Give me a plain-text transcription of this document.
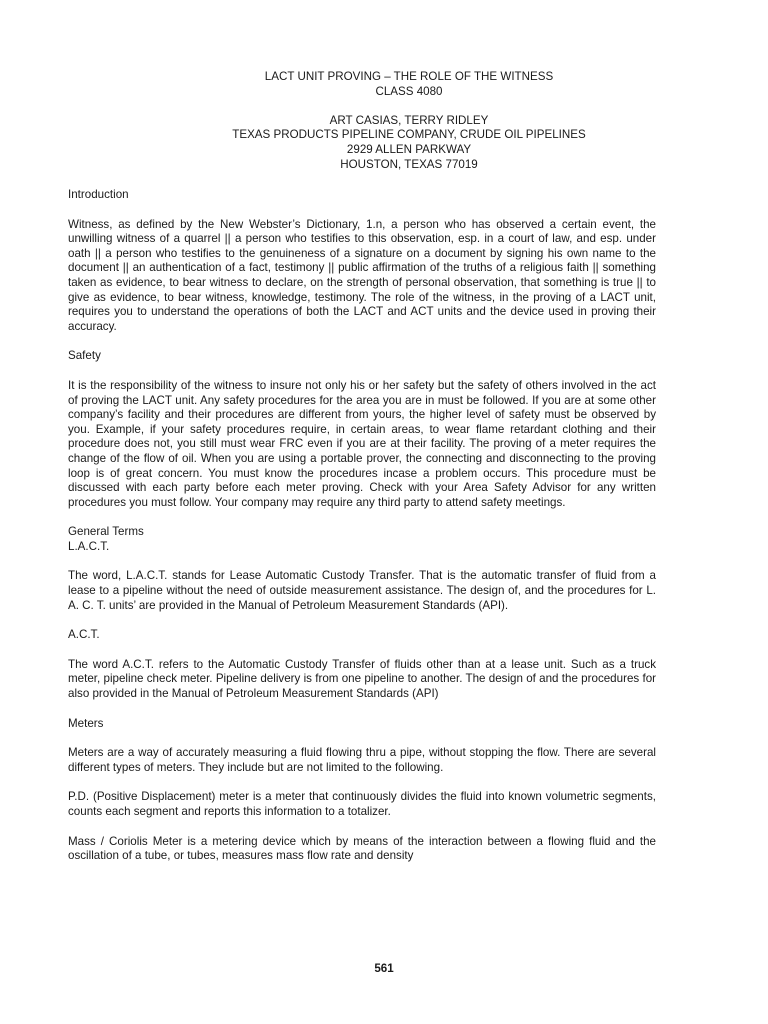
LACT UNIT PROVING – THE ROLE OF THE WITNESS
CLASS 4080
ART CASIAS, TERRY RIDLEY
TEXAS PRODUCTS PIPELINE COMPANY, CRUDE OIL PIPELINES
2929 ALLEN PARKWAY
HOUSTON, TEXAS 77019
Introduction

Witness, as defined by the New Webster’s Dictionary, 1.n, a person who has observed a certain event, the unwilling witness of a quarrel || a person who testifies to this observation, esp. in a court of law, and esp. under oath || a person who testifies to the genuineness of a signature on a document by signing his own name to the document || an authentication of a fact, testimony || public affirmation of the truths of a religious faith || something taken as evidence, to bear witness to declare, on the strength of personal observation, that something is true || to give as evidence, to bear witness, knowledge, testimony. The role of the witness, in the proving of a LACT unit, requires you to understand the operations of both the LACT and ACT units and the device used in proving their accuracy.

Safety

It is the responsibility of the witness to insure not only his or her safety but the safety of others involved in the act of proving the LACT unit. Any safety procedures for the area you are in must be followed. If you are at some other company’s facility and their procedures are different from yours, the higher level of safety must be observed by you. Example, if your safety procedures require, in certain areas, to wear flame retardant clothing and their procedure does not, you still must wear FRC even if you are at their facility. The proving of a meter requires the change of the flow of oil. When you are using a portable prover, the connecting and disconnecting to the proving loop is of great concern. You must know the procedures incase a problem occurs. This procedure must be discussed with each party before each meter proving. Check with your Area Safety Advisor for any written procedures you must follow. Your company may require any third party to attend safety meetings.

General Terms
L.A.C.T.

The word, L.A.C.T. stands for Lease Automatic Custody Transfer. That is the automatic transfer of fluid from a lease to a pipeline without the need of outside measurement assistance. The design of, and the procedures for L. A. C. T. units’ are provided in the Manual of Petroleum Measurement Standards (API).

A.C.T.

The word A.C.T. refers to the Automatic Custody Transfer of fluids other than at a lease unit. Such as a truck meter, pipeline check meter. Pipeline delivery is from one pipeline to another. The design of and the procedures for also provided in the Manual of Petroleum Measurement Standards (API)

Meters

Meters are a way of accurately measuring a fluid flowing thru a pipe, without stopping the flow. There are several different types of meters. They include but are not limited to the following.

P.D. (Positive Displacement) meter is a meter that continuously divides the fluid into known volumetric segments, counts each segment and reports this information to a totalizer.

Mass / Coriolis Meter is a metering device which by means of the interaction between a flowing fluid and the oscillation of a tube, or tubes, measures mass flow rate and density

561
